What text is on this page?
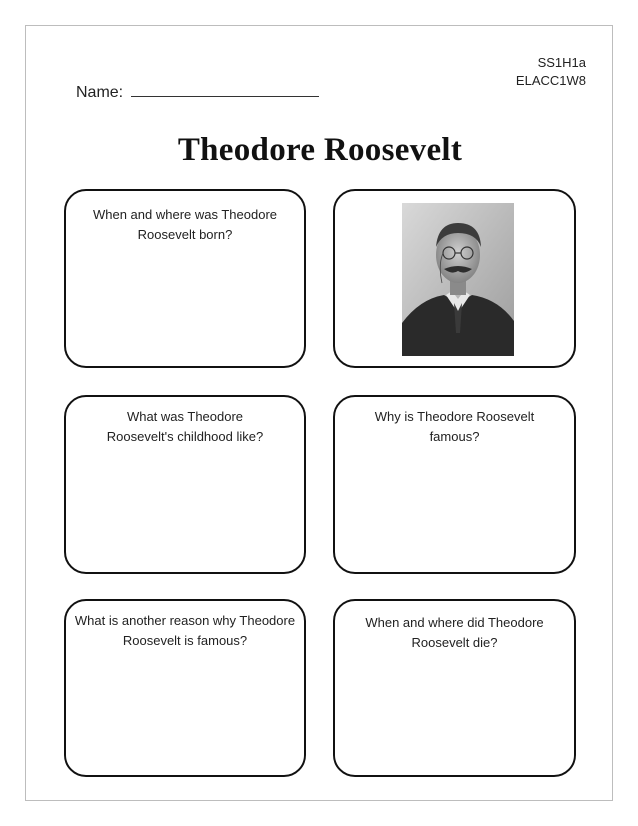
SS1H1a
ELACC1W8
Name:
Theodore Roosevelt
When and where was Theodore Roosevelt born?
What was Theodore Roosevelt's childhood like?
Why is Theodore Roosevelt famous?
What is another reason why Theodore Roosevelt is famous?
When and where did Theodore Roosevelt die?
